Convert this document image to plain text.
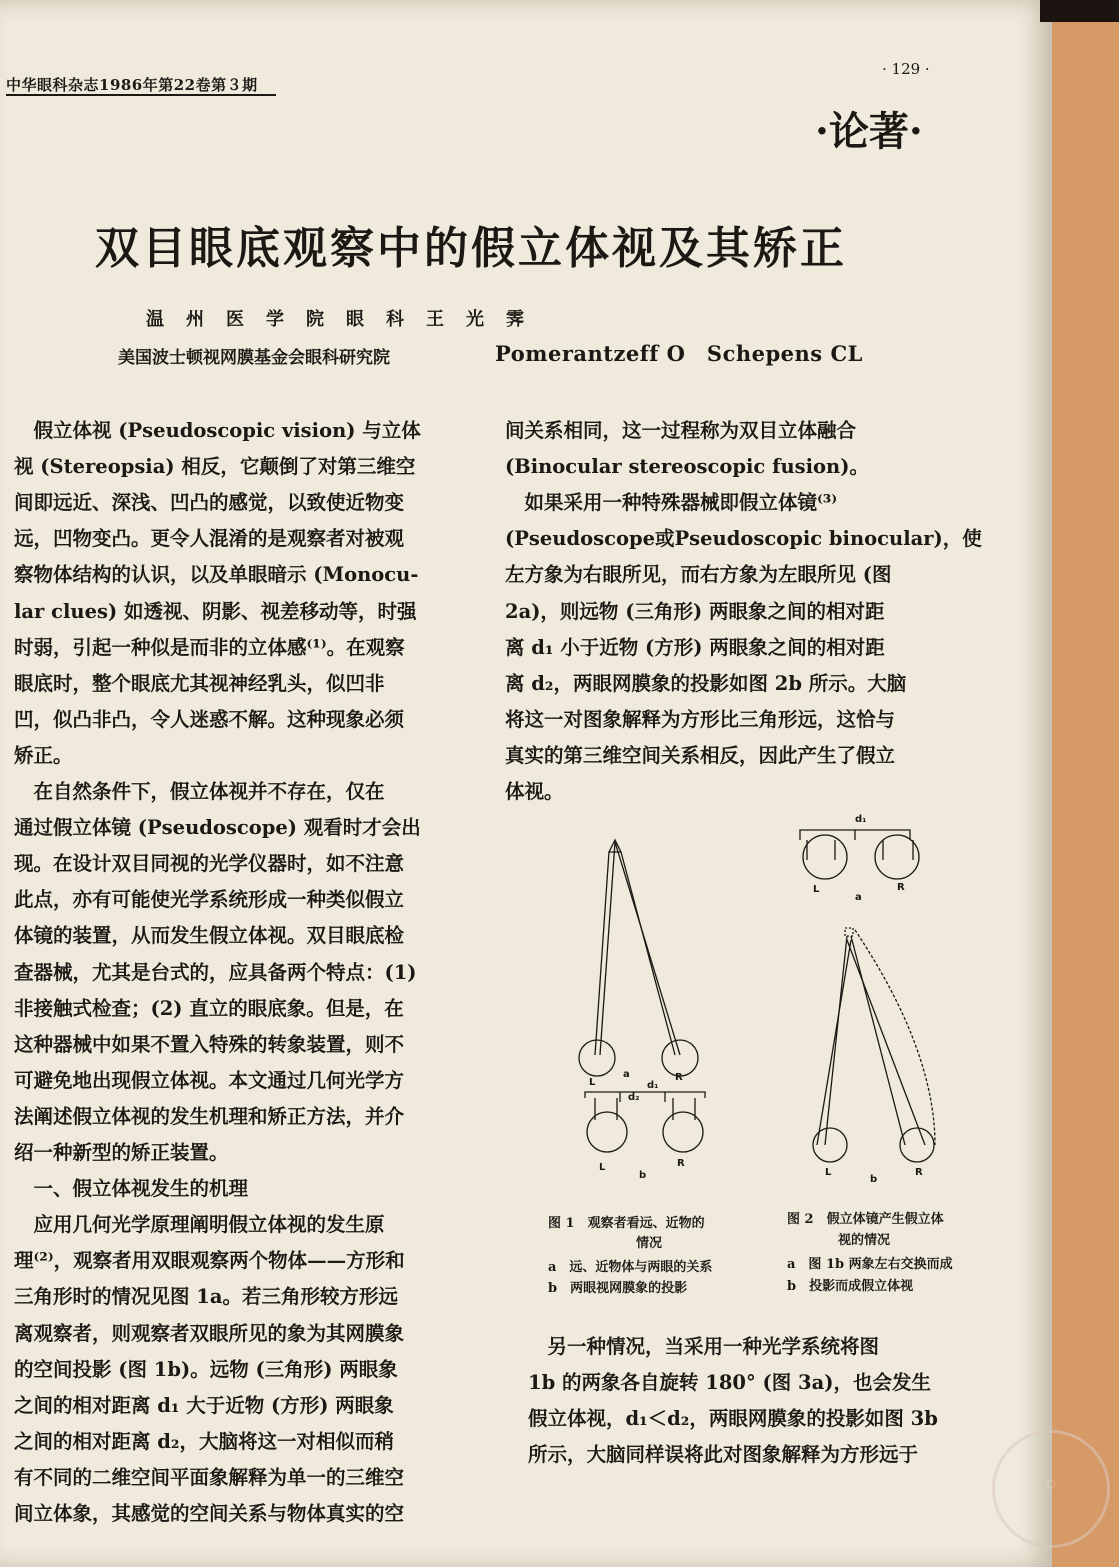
中华眼科杂志1986年第22卷第３期
· 129 ·
·论著·
双目眼底观察中的假立体视及其矫正
温州医学院眼科王光霁
美国波士顿视网膜基金会眼科研究院	Pomerantzeff O　Schepens CL
　假立体视 (Pseudoscopic vision) 与立体
视 (Stereopsia) 相反，它颠倒了对第三维空
间即远近、深浅、凹凸的感觉，以致使近物变
远，凹物变凸。更令人混淆的是观察者对被观
察物体结构的认识，以及单眼暗示 (Monocu-
lar clues) 如透视、阴影、视差移动等，时强
时弱，引起一种似是而非的立体感⁽¹⁾。在观察
眼底时，整个眼底尤其视神经乳头，似凹非
凹，似凸非凸，令人迷惑不解。这种现象必须
矫正。
　在自然条件下，假立体视并不存在，仅在
通过假立体镜 (Pseudoscope) 观看时才会出
现。在设计双目同视的光学仪器时，如不注意
此点，亦有可能使光学系统形成一种类似假立
体镜的装置，从而发生假立体视。双目眼底检
查器械，尤其是台式的，应具备两个特点：(1)
非接触式检查；(2) 直立的眼底象。但是，在
这种器械中如果不置入特殊的转象装置，则不
可避免地出现假立体视。本文通过几何光学方
法阐述假立体视的发生机理和矫正方法，并介
绍一种新型的矫正装置。
　一、假立体视发生的机理
　应用几何光学原理阐明假立体视的发生原
理⁽²⁾，观察者用双眼观察两个物体——方形和
三角形时的情况见图 1a。若三角形较方形远
离观察者，则观察者双眼所见的象为其网膜象
的空间投影 (图 1b)。远物 (三角形) 两眼象
之间的相对距离 d₁ 大于近物 (方形) 两眼象
之间的相对距离 d₂，大脑将这一对相似而稍
有不同的二维空间平面象解释为单一的三维空
间立体象，其感觉的空间关系与物体真实的空
间关系相同，这一过程称为双目立体融合
(Binocular stereoscopic fusion)。
　如果采用一种特殊器械即假立体镜⁽³⁾
(Pseudoscope或Pseudoscopic binocular)，使
左方象为右眼所见，而右方象为左眼所见 (图
2a)，则远物 (三角形) 两眼象之间的相对距
离 d₁ 小于近物 (方形) 两眼象之间的相对距
离 d₂，两眼网膜象的投影如图 2b 所示。大脑
将这一对图象解释为方形比三角形远，这恰与
真实的第三维空间关系相反，因此产生了假立
体视。
　另一种情况，当采用一种光学系统将图
1b 的两象各自旋转 180° (图 3a)，也会发生
假立体视，d₁＜d₂，两眼网膜象的投影如图 3b
所示，大脑同样误将此对图象解释为方形远于
a
L	R
d₁
d₂
L
b
R
d₁
L	R
a
L
b
R
图 1　观察者看远、近物的
情况
a　远、近物体与两眼的关系
b　两眼视网膜象的投影
图 2　假立体镜产生假立体
视的情况
a　图 1b 两象左右交换而成
b　投影而成假立体视
◌
